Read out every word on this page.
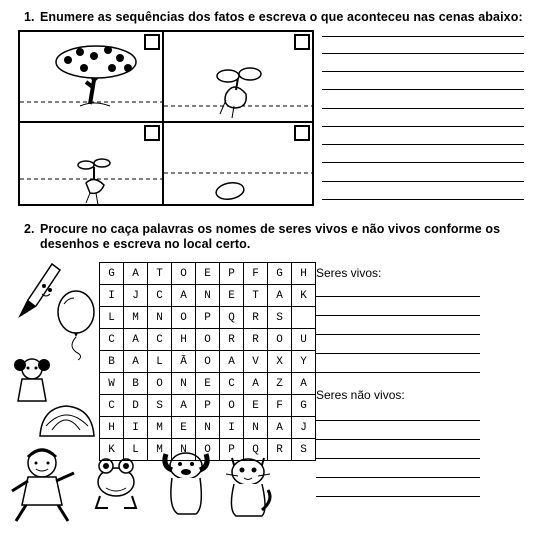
1. Enumere as sequências dos fatos e escreva o que aconteceu nas cenas abaixo:
2. Procure no caça palavras os nomes de seres vivos e não vivos conforme os
desenhos e escreva no local certo.
G	A	T	O	E	P	F	G	H
I	J	C	A	N	E	T	A	K
L	M	N	O	P	Q	R	S	
C	A	C	H	O	R	R	O	U
B	A	L	Ã	O	A	V	X	Y
W	B	O	N	E	C	A	Z	A
C	D	S	A	P	O	E	F	G
H	I	M	E	N	I	N	A	J
K	L	M	N	O	P	Q	R	S
Seres vivos:
Seres não vivos:
